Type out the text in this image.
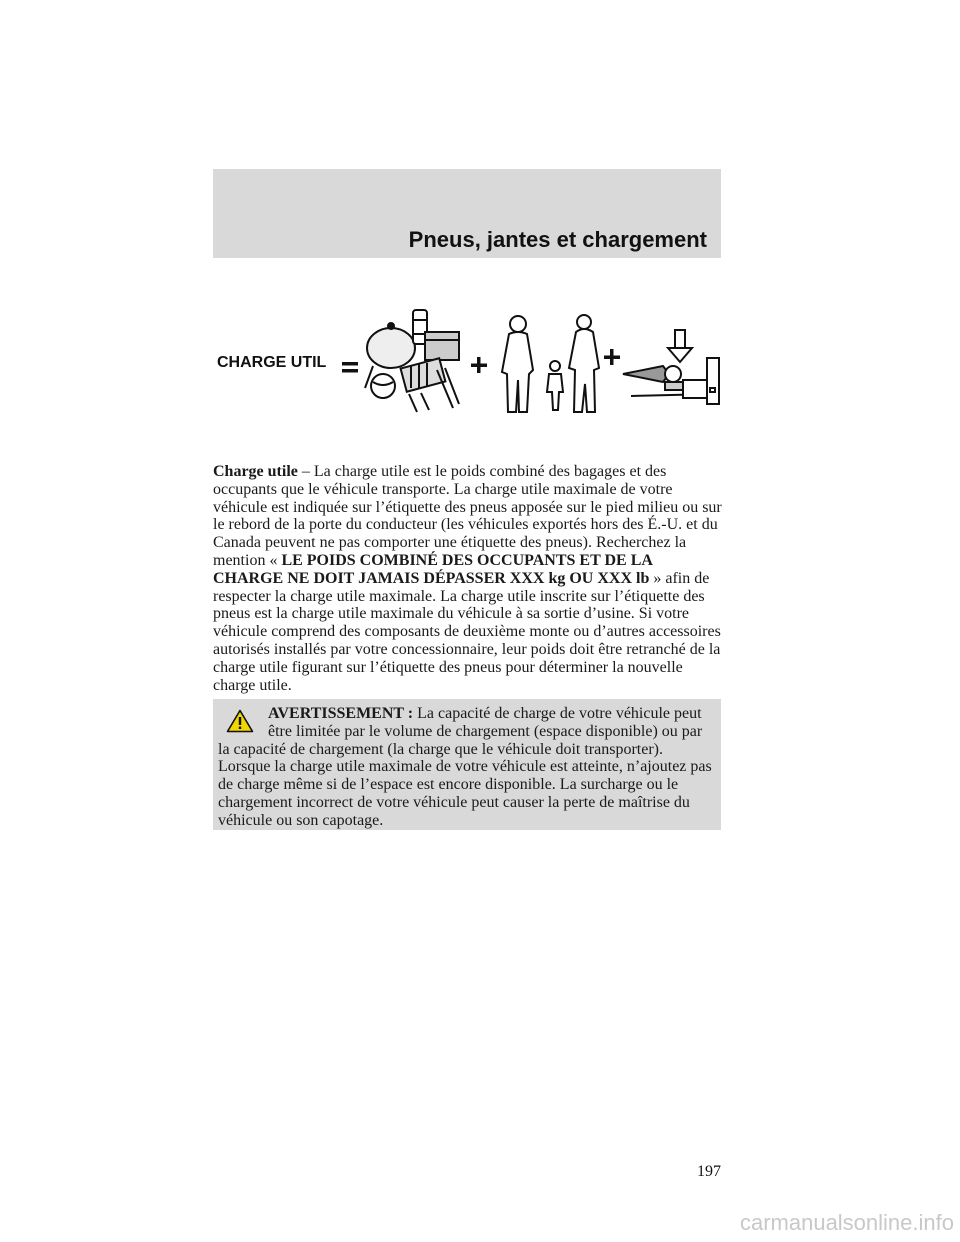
Pneus, jantes et chargement
CHARGE UTIL

Charge utile – La charge utile est le poids combiné des bagages et des occupants que le véhicule transporte. La charge utile maximale de votre véhicule est indiquée sur l’étiquette des pneus apposée sur le pied milieu ou sur le rebord de la porte du conducteur (les véhicules exportés hors des É.-U. et du Canada peuvent ne pas comporter une étiquette des pneus). Recherchez la mention « LE POIDS COMBINÉ DES OCCUPANTS ET DE LA CHARGE NE DOIT JAMAIS DÉPASSER XXX kg OU XXX lb » afin de respecter la charge utile maximale. La charge utile inscrite sur l’étiquette des pneus est la charge utile maximale du véhicule à sa sortie d’usine. Si votre véhicule comprend des composants de deuxième monte ou d’autres accessoires autorisés installés par votre concessionnaire, leur poids doit être retranché de la charge utile figurant sur l’étiquette des pneus pour déterminer la nouvelle charge utile.

AVERTISSEMENT : La capacité de charge de votre véhicule peut être limitée par le volume de chargement (espace disponible) ou par la capacité de chargement (la charge que le véhicule doit transporter). Lorsque la charge utile maximale de votre véhicule est atteinte, n’ajoutez pas de charge même si de l’espace est encore disponible. La surcharge ou le chargement incorrect de votre véhicule peut causer la perte de maîtrise du véhicule ou son capotage.

197
carmanualsonline.info
